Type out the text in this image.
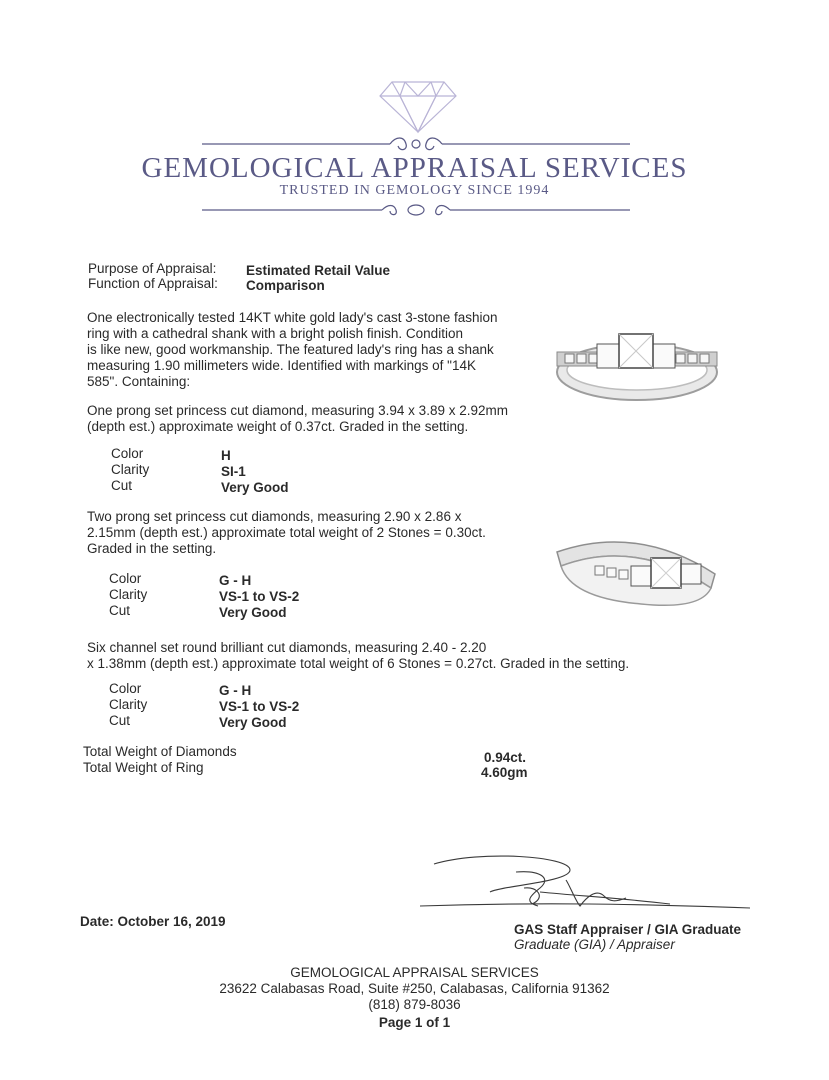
GEMOLOGICAL APPRAISAL SERVICES
TRUSTED IN GEMOLOGY SINCE 1994
Purpose of Appraisal: Estimated Retail Value
Function of Appraisal: Comparison
One electronically tested 14KT white gold lady's cast 3-stone fashion
ring with a cathedral shank with a bright polish finish. Condition
is like new, good workmanship. The featured lady's ring has a shank
measuring 1.90 millimeters wide. Identified with markings of "14K
585". Containing:
One prong set princess cut diamond, measuring 3.94 x 3.89 x 2.92mm
(depth est.) approximate weight of 0.37ct. Graded in the setting.
Color	H
Clarity	SI-1
Cut	Very Good
Two prong set princess cut diamonds, measuring 2.90 x 2.86 x
2.15mm (depth est.) approximate total weight of 2 Stones = 0.30ct.
Graded in the setting.
Color	G - H
Clarity	VS-1 to VS-2
Cut	Very Good
Six channel set round brilliant cut diamonds, measuring 2.40 - 2.20
x 1.38mm (depth est.) approximate total weight of 6 Stones = 0.27ct. Graded in the setting.
Color	G - H
Clarity	VS-1 to VS-2
Cut	Very Good
Total Weight of Diamonds	0.94ct.
Total Weight of Ring	4.60gm
Date: October 16, 2019
GAS Staff Appraiser / GIA Graduate
Graduate (GIA) / Appraiser
GEMOLOGICAL APPRAISAL SERVICES
23622 Calabasas Road, Suite #250, Calabasas, California 91362
(818) 879-8036
Page 1 of 1
